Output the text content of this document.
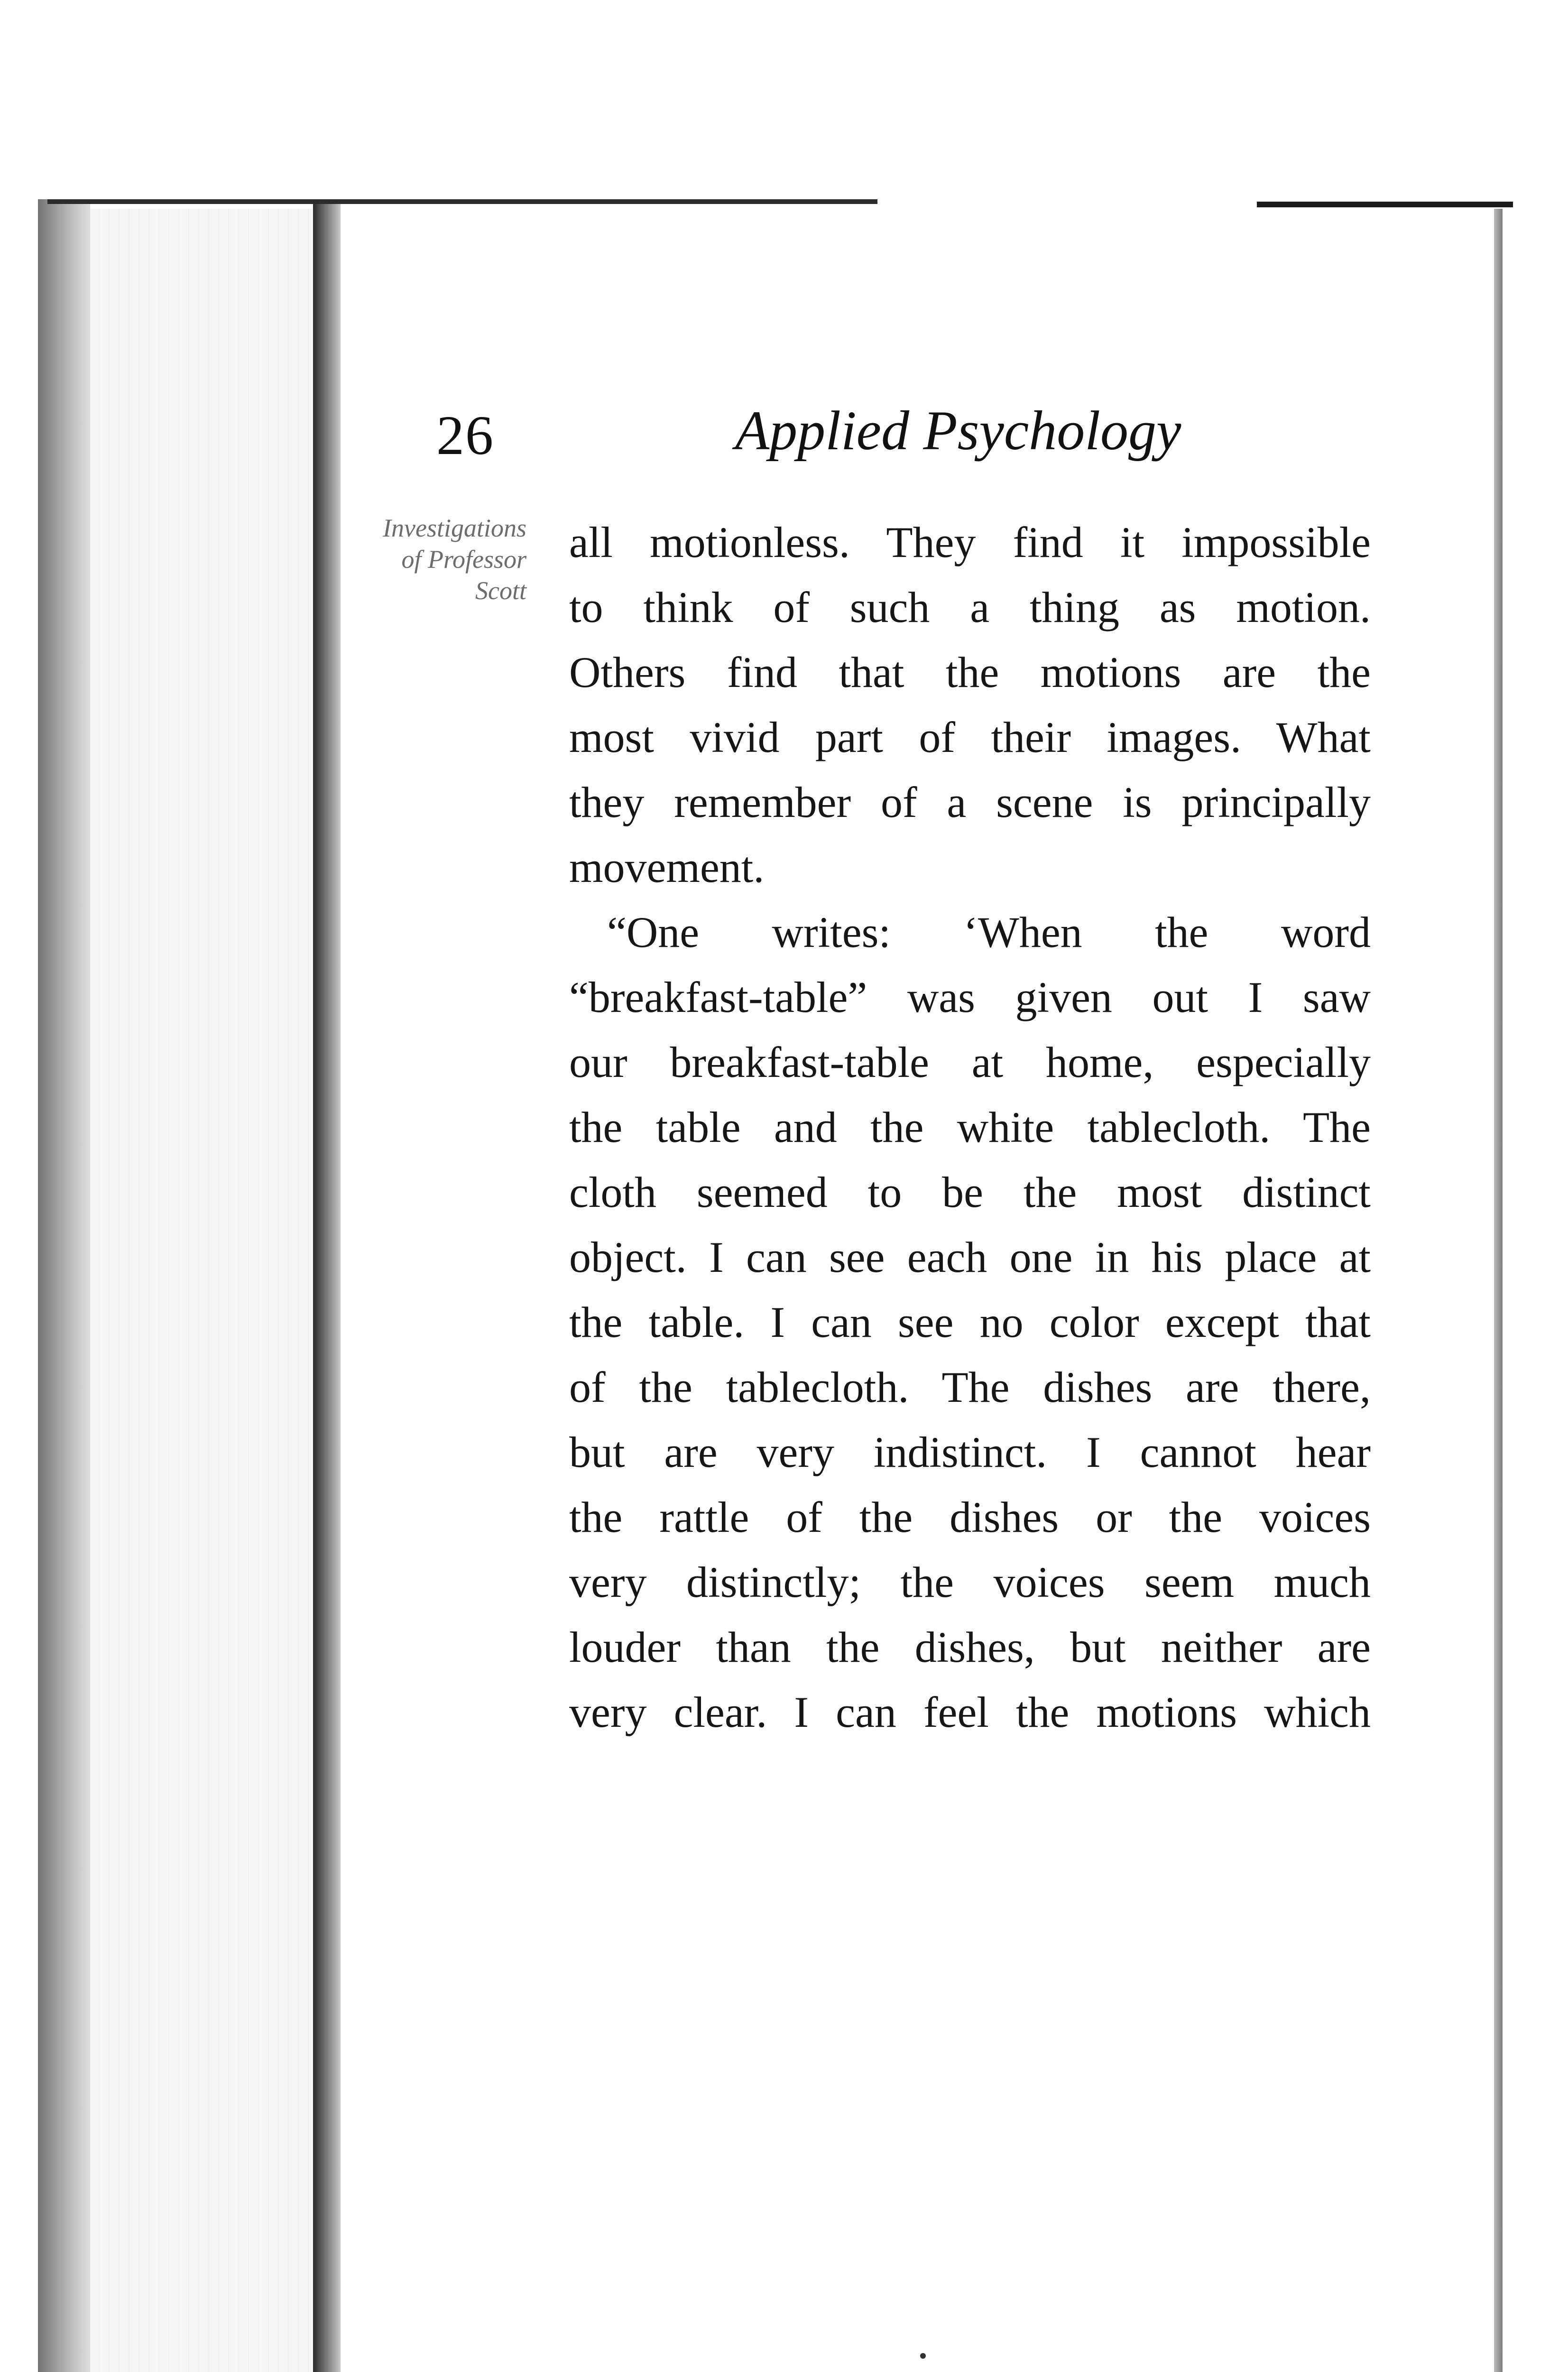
26	Applied Psychology
Investigations
of Professor
Scott
all motionless. They find it impossible
to think of such a thing as motion.
Others find that the motions are the
most vivid part of their images. What
they remember of a scene is principally
movement.
“One writes: ‘When the word
“breakfast-table” was given out I saw
our breakfast-table at home, especially
the table and the white tablecloth. The
cloth seemed to be the most distinct
object. I can see each one in his place at
the table. I can see no color except that
of the tablecloth. The dishes are there,
but are very indistinct. I cannot hear
the rattle of the dishes or the voices
very distinctly; the voices seem much
louder than the dishes, but neither are
very clear. I can feel the motions which
